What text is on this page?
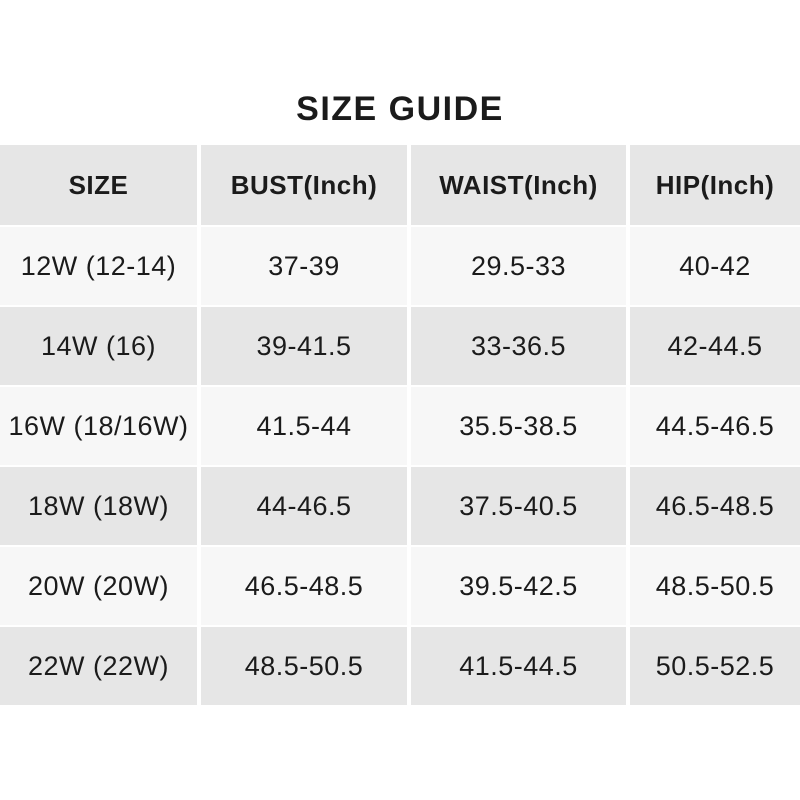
SIZE GUIDE
SIZE	BUST(Inch)	WAIST(Inch)	HIP(Inch)
12W (12-14)	37-39	29.5-33	40-42
14W (16)	39-41.5	33-36.5	42-44.5
16W (18/16W)	41.5-44	35.5-38.5	44.5-46.5
18W (18W)	44-46.5	37.5-40.5	46.5-48.5
20W (20W)	46.5-48.5	39.5-42.5	48.5-50.5
22W (22W)	48.5-50.5	41.5-44.5	50.5-52.5
